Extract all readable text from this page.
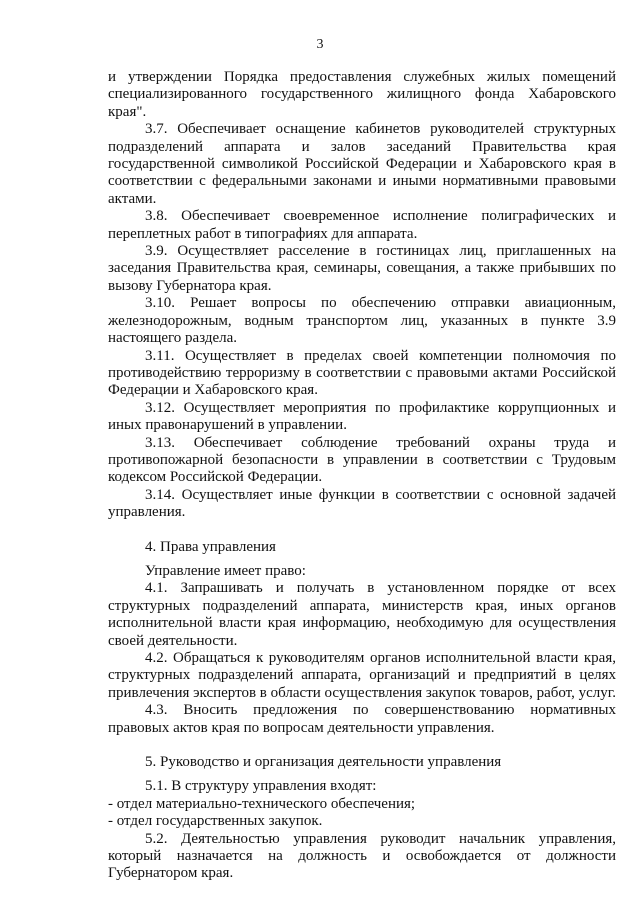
3

и утверждении Порядка предоставления служебных жилых помещений специализированного государственного жилищного фонда Хабаровского края".

3.7. Обеспечивает оснащение кабинетов руководителей структурных подразделений аппарата и залов заседаний Правительства края государственной символикой Российской Федерации и Хабаровского края в соответствии с федеральными законами и иными нормативными правовыми актами.

3.8. Обеспечивает своевременное исполнение полиграфических и переплетных работ в типографиях для аппарата.

3.9. Осуществляет расселение в гостиницах лиц, приглашенных на заседания Правительства края, семинары, совещания, а также прибывших по вызову Губернатора края.

3.10. Решает вопросы по обеспечению отправки авиационным, железнодорожным, водным транспортом лиц, указанных в пункте 3.9 настоящего раздела.

3.11. Осуществляет в пределах своей компетенции полномочия по противодействию терроризму в соответствии с правовыми актами Российской Федерации и Хабаровского края.

3.12. Осуществляет мероприятия по профилактике коррупционных и иных правонарушений в управлении.

3.13. Обеспечивает соблюдение требований охраны труда и противопожарной безопасности в управлении в соответствии с Трудовым кодексом Российской Федерации.

3.14. Осуществляет иные функции в соответствии с основной задачей управления.

4. Права управления

Управление имеет право:

4.1. Запрашивать и получать в установленном порядке от всех структурных подразделений аппарата, министерств края, иных органов исполнительной власти края информацию, необходимую для осуществления своей деятельности.

4.2. Обращаться к руководителям органов исполнительной власти края, структурных подразделений аппарата, организаций и предприятий в целях привлечения экспертов в области осуществления закупок товаров, работ, услуг.

4.3. Вносить предложения по совершенствованию нормативных правовых актов края по вопросам деятельности управления.

5. Руководство и организация деятельности управления

5.1. В структуру управления входят:

- отдел материально-технического обеспечения;

- отдел государственных закупок.

5.2. Деятельностью управления руководит начальник управления, который назначается на должность и освобождается от должности Губернатором края.
